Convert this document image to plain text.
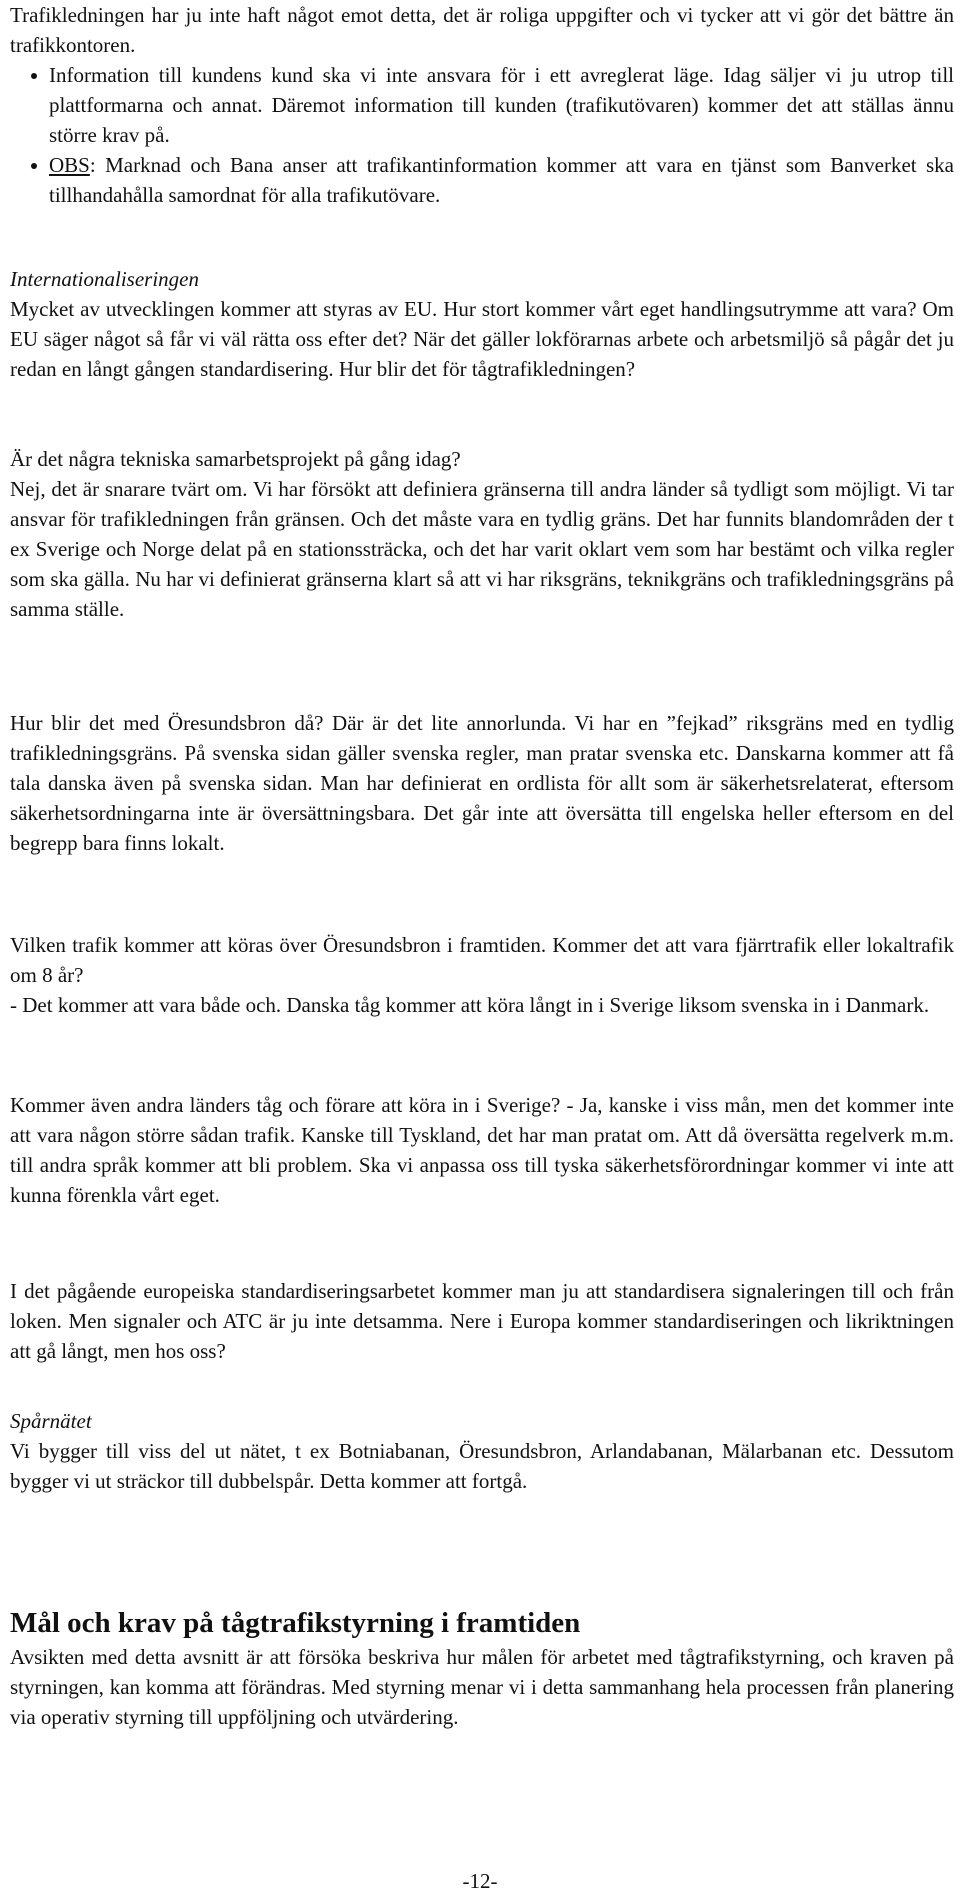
Trafikledningen har ju inte haft något emot detta, det är roliga uppgifter och vi tycker att vi gör det bättre än trafikkontoren.

Information till kundens kund ska vi inte ansvara för i ett avreglerat läge. Idag säljer vi ju utrop till plattformarna och annat. Däremot information till kunden (trafikutövaren) kommer det att ställas ännu större krav på.
OBS: Marknad och Bana anser att trafikantinformation kommer att vara en tjänst som Banverket ska tillhandahålla samordnat för alla trafikutövare.

Internationaliseringen

Mycket av utvecklingen kommer att styras av EU. Hur stort kommer vårt eget handlingsutrymme att vara? Om EU säger något så får vi väl rätta oss efter det? När det gäller lokförarnas arbete och arbetsmiljö så pågår det ju redan en långt gången standardisering. Hur blir det för tågtrafikledningen?

Är det några tekniska samarbetsprojekt på gång idag?
Nej, det är snarare tvärt om. Vi har försökt att definiera gränserna till andra länder så tydligt som möjligt. Vi tar ansvar för trafikledningen från gränsen. Och det måste vara en tydlig gräns. Det har funnits blandområden der t ex Sverige och Norge delat på en stationssträcka, och det har varit oklart vem som har bestämt och vilka regler som ska gälla. Nu har vi definierat gränserna klart så att vi har riksgräns, teknikgräns och trafikledningsgräns på samma ställe.

Hur blir det med Öresundsbron då? Där är det lite annorlunda. Vi har en ”fejkad” riksgräns med en tydlig trafikledningsgräns. På svenska sidan gäller svenska regler, man pratar svenska etc. Danskarna kommer att få tala danska även på svenska sidan. Man har definierat en ordlista för allt som är säkerhetsrelaterat, eftersom säkerhetsordningarna inte är översättningsbara. Det går inte att översätta till engelska heller eftersom en del begrepp bara finns lokalt.

Vilken trafik kommer att köras över Öresundsbron i framtiden. Kommer det att vara fjärrtrafik eller lokaltrafik om 8 år?
- Det kommer att vara både och. Danska tåg kommer att köra långt in i Sverige liksom svenska in i Danmark.

Kommer även andra länders tåg och förare att köra in i Sverige? - Ja, kanske i viss mån, men det kommer inte att vara någon större sådan trafik. Kanske till Tyskland, det har man pratat om. Att då översätta regelverk m.m. till andra språk kommer att bli problem. Ska vi anpassa oss till tyska säkerhetsförordningar kommer vi inte att kunna förenkla vårt eget.

I det pågående europeiska standardiseringsarbetet kommer man ju att standardisera signaleringen till och från loken. Men signaler och ATC är ju inte detsamma. Nere i Europa kommer standardiseringen och likriktningen att gå långt, men hos oss?

Spårnätet

Vi bygger till viss del ut nätet, t ex Botniabanan, Öresundsbron, Arlandabanan, Mälarbanan etc. Dessutom bygger vi ut sträckor till dubbelspår. Detta kommer att fortgå.

Mål och krav på tågtrafikstyrning i framtiden

Avsikten med detta avsnitt är att försöka beskriva hur målen för arbetet med tågtrafikstyrning, och kraven på styrningen, kan komma att förändras. Med styrning menar vi i detta sammanhang hela processen från planering via operativ styrning till uppföljning och utvärdering.

-12-
